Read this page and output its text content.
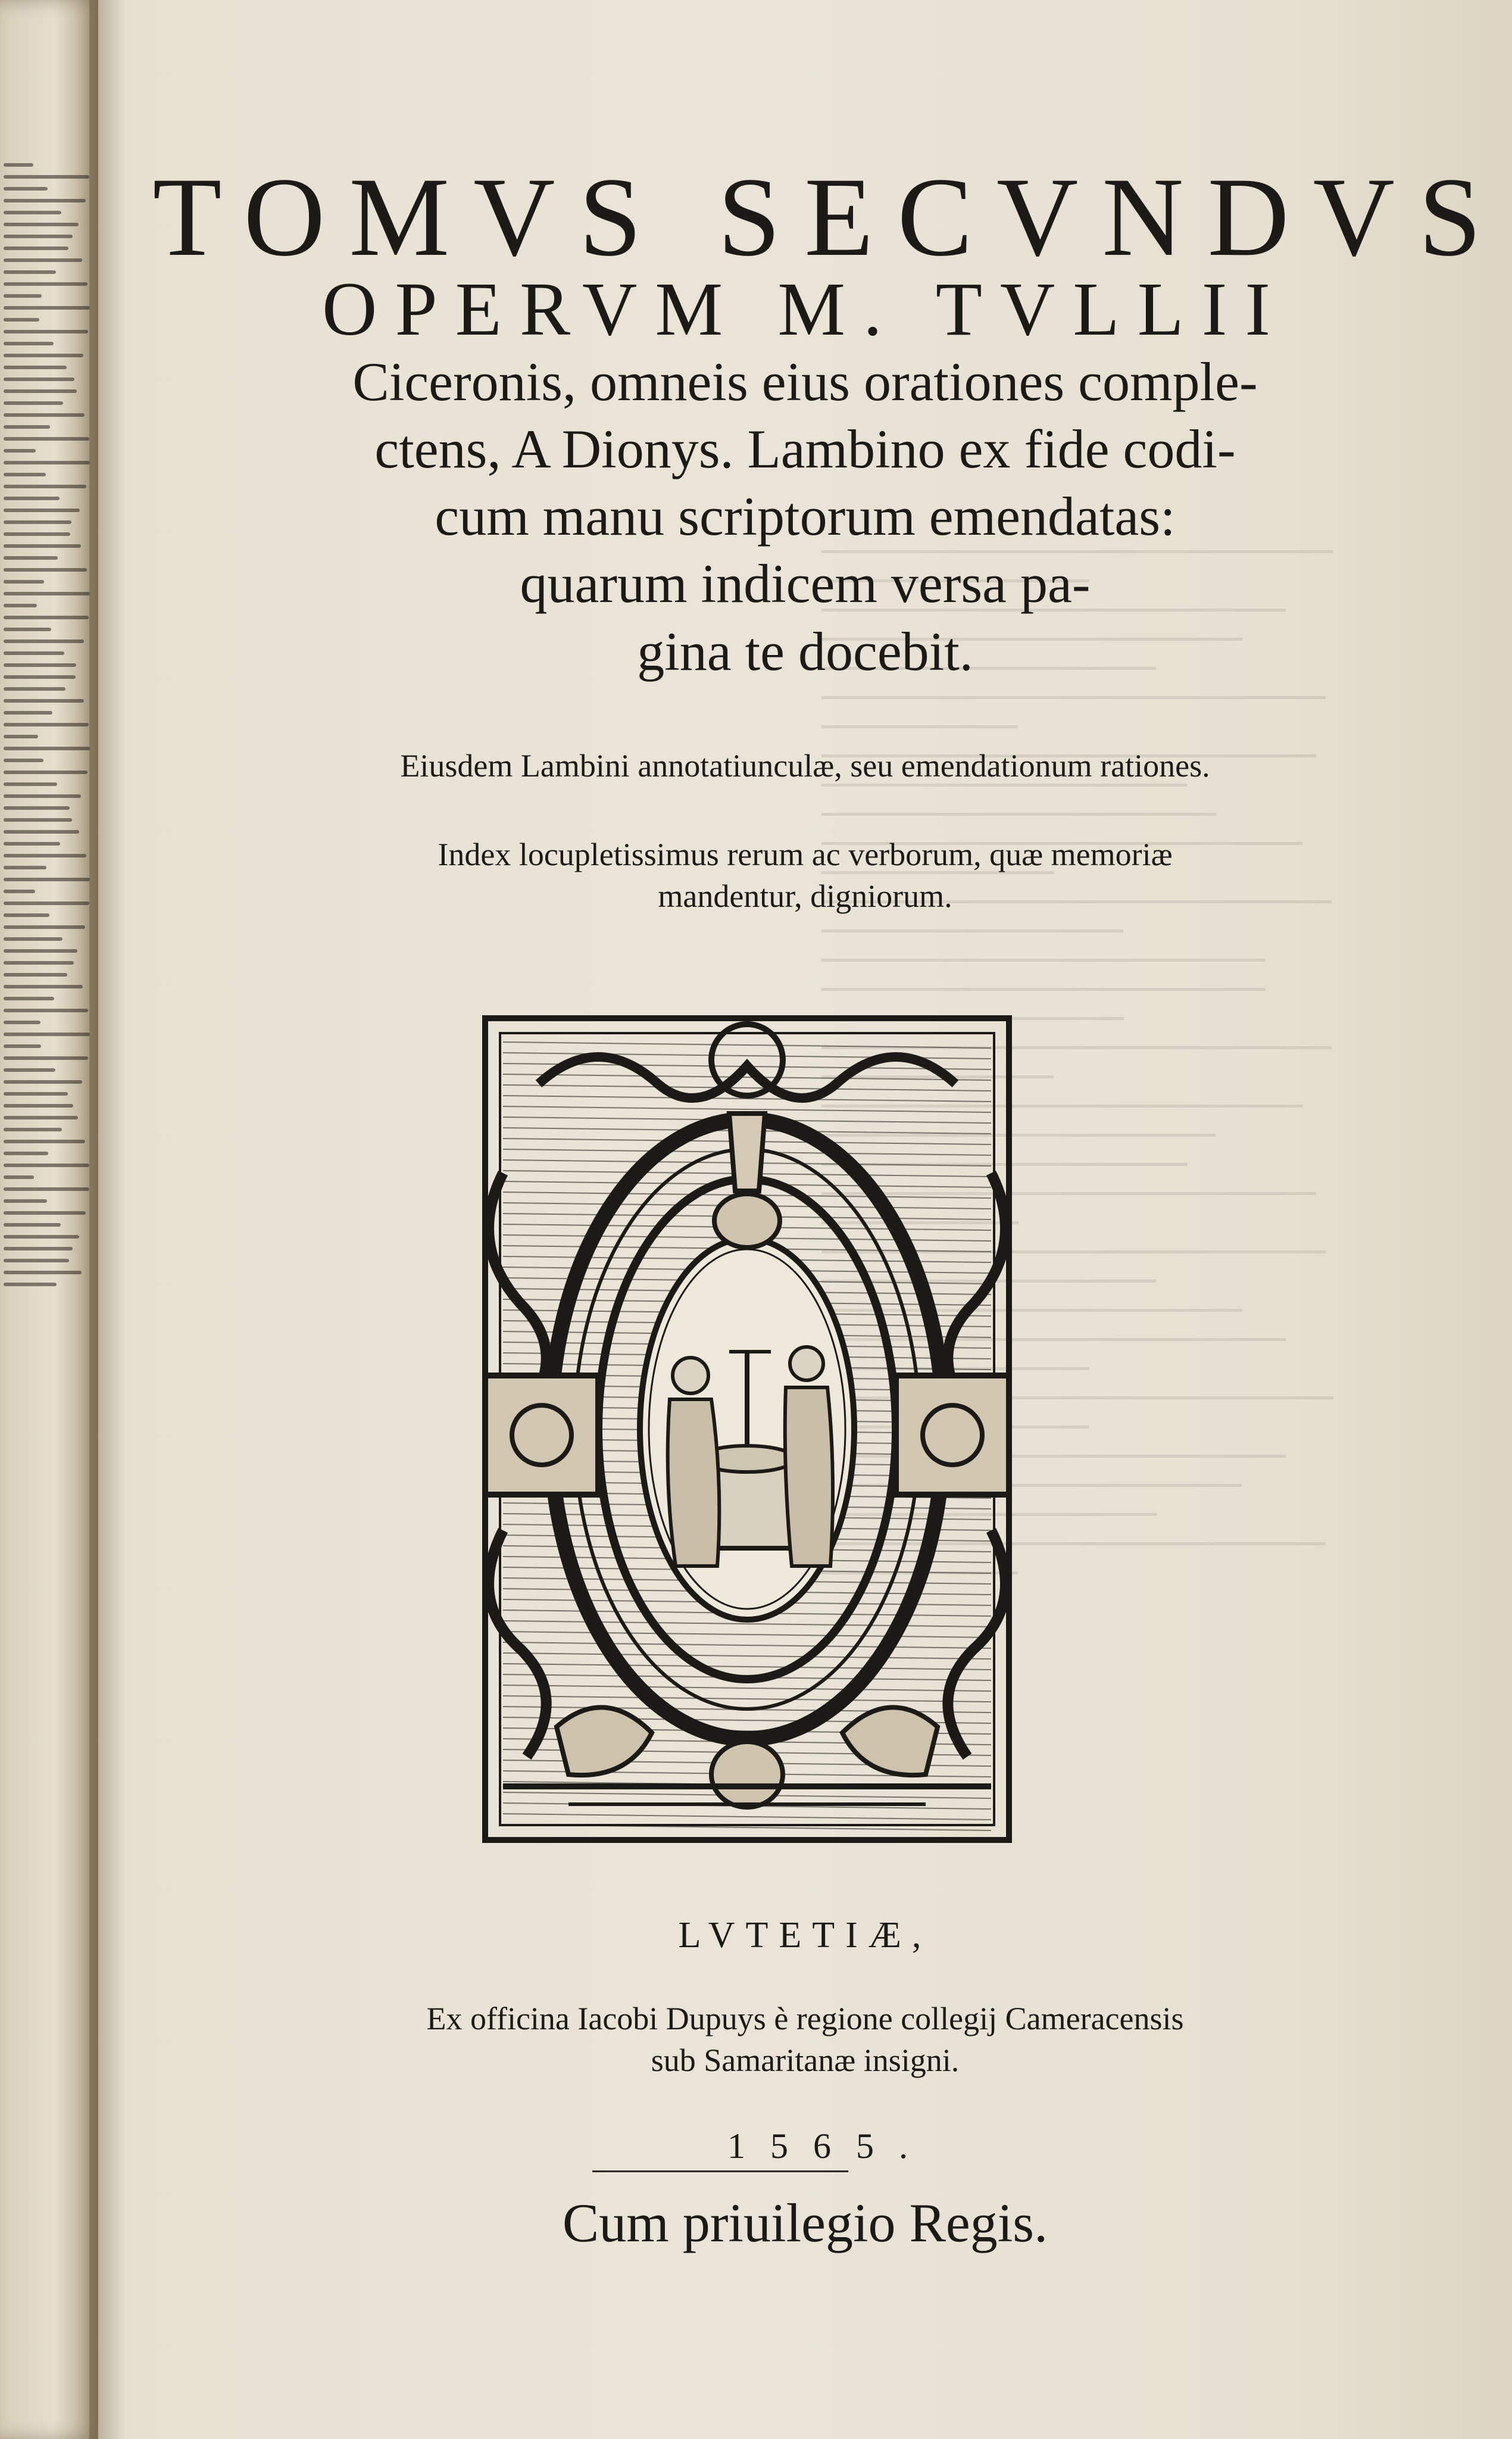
TOMVS SECVNDVS
OPERVM M. TVLLII
Ciceronis, omneis eius orationes comple-
ctens, A Dionys. Lambino ex fide codi-
cum manu scriptorum emendatas:
quarum indicem versa pa-
gina te docebit.
Eiusdem Lambini annotatiunculæ, seu emendationum rationes.
Index locupletissimus rerum ac verborum, quæ memoriæ
mandentur, digniorum.
LVTETIÆ,
Ex officina Iacobi Dupuys è regione collegij Cameracensis
sub Samaritanæ insigni.
1565.
Cum priuilegio Regis.
